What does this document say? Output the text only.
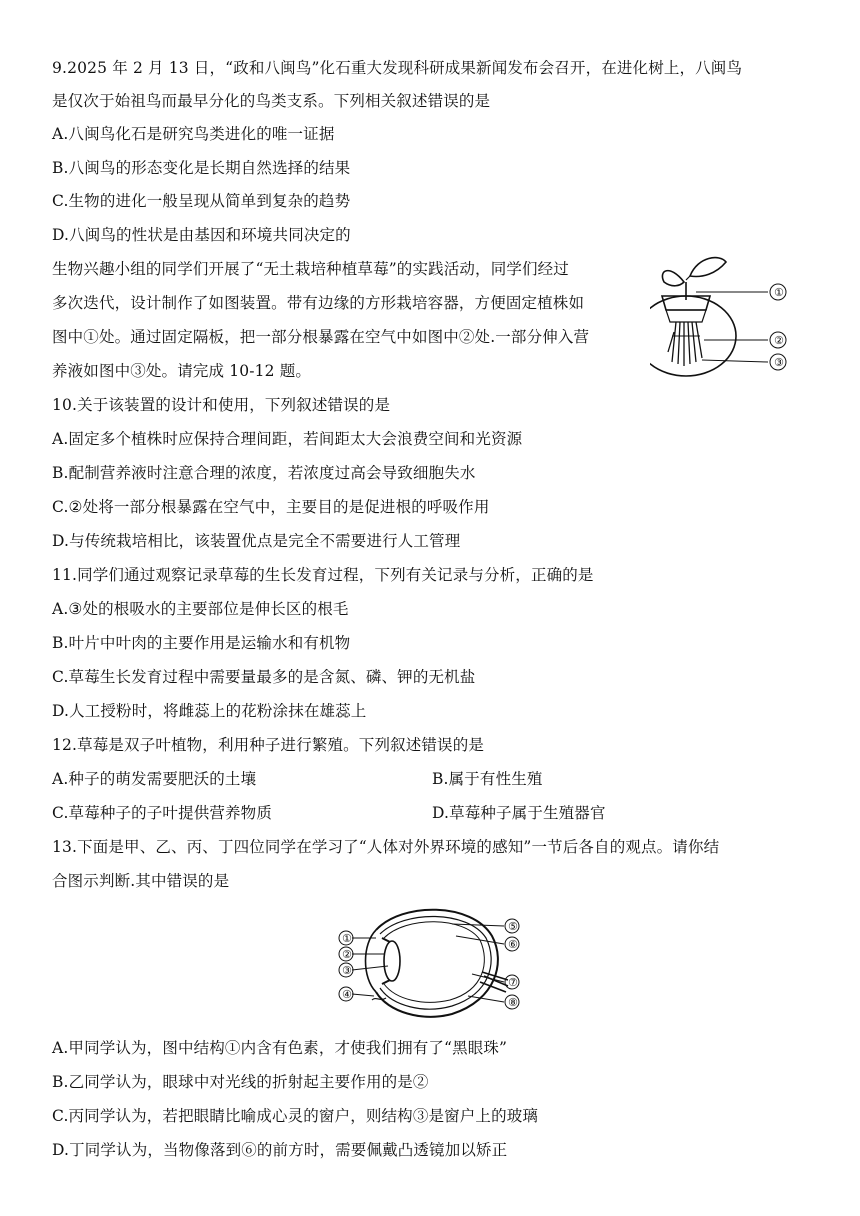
9.2025 年 2 月 13 日，“政和八闽鸟”化石重大发现科研成果新闻发布会召开，在进化树上，八闽鸟
是仅次于始祖鸟而最早分化的鸟类支系。下列相关叙述错误的是
A.八闽鸟化石是研究鸟类进化的唯一证据
B.八闽鸟的形态变化是长期自然选择的结果
C.生物的进化一般呈现从简单到复杂的趋势
D.八闽鸟的性状是由基因和环境共同决定的
生物兴趣小组的同学们开展了“无土栽培种植草莓”的实践活动，同学们经过
多次迭代，设计制作了如图装置。带有边缘的方形栽培容器，方便固定植株如
图中①处。通过固定隔板，把一部分根暴露在空气中如图中②处.一部分伸入营
养液如图中③处。请完成 10-12 题。
①
②
③
10.关于该装置的设计和使用，下列叙述错误的是
A.固定多个植株时应保持合理间距，若间距太大会浪费空间和光资源
B.配制营养液时注意合理的浓度，若浓度过高会导致细胞失水
C.②处将一部分根暴露在空气中，主要目的是促进根的呼吸作用
D.与传统栽培相比，该装置优点是完全不需要进行人工管理
11.同学们通过观察记录草莓的生长发育过程，下列有关记录与分析，正确的是
A.③处的根吸水的主要部位是伸长区的根毛
B.叶片中叶肉的主要作用是运输水和有机物
C.草莓生长发育过程中需要量最多的是含氮、磷、钾的无机盐
D.人工授粉时，将雌蕊上的花粉涂抹在雄蕊上
12.草莓是双子叶植物，利用种子进行繁殖。下列叙述错误的是
A.种子的萌发需要肥沃的土壤	B.属于有性生殖
C.草莓种子的子叶提供营养物质	D.草莓种子属于生殖器官
13.下面是甲、乙、丙、丁四位同学在学习了“人体对外界环境的感知”一节后各自的观点。请你结
合图示判断.其中错误的是
①
②
③
④
⑤
⑥
⑦
⑧
A.甲同学认为，图中结构①内含有色素，才使我们拥有了“黑眼珠”
B.乙同学认为，眼球中对光线的折射起主要作用的是②
C.丙同学认为，若把眼睛比喻成心灵的窗户，则结构③是窗户上的玻璃
D.丁同学认为，当物像落到⑥的前方时，需要佩戴凸透镜加以矫正
